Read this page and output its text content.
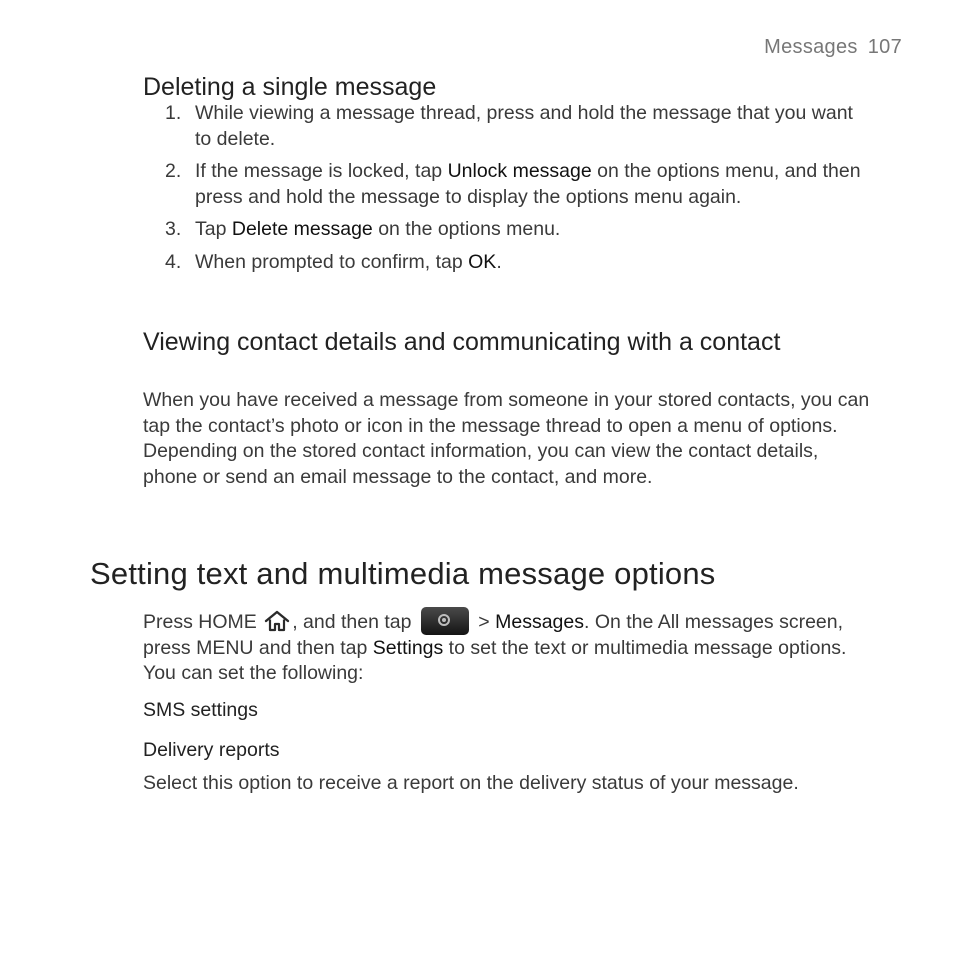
Messages 107
Deleting a single message
1. While viewing a message thread, press and hold the message that you want to delete.
2. If the message is locked, tap Unlock message on the options menu, and then press and hold the message to display the options menu again.
3. Tap Delete message on the options menu.
4. When prompted to confirm, tap OK.
Viewing contact details and communicating with a contact

When you have received a message from someone in your stored contacts, you can tap the contact’s photo or icon in the message thread to open a menu of options. Depending on the stored contact information, you can view the contact details, phone or send an email message to the contact, and more.

Setting text and multimedia message options

Press HOME , and then tap	> Messages. On the All messages screen, press MENU and then tap Settings to set the text or multimedia message options. You can set the following:

SMS settings

Delivery reports

Select this option to receive a report on the delivery status of your message.
